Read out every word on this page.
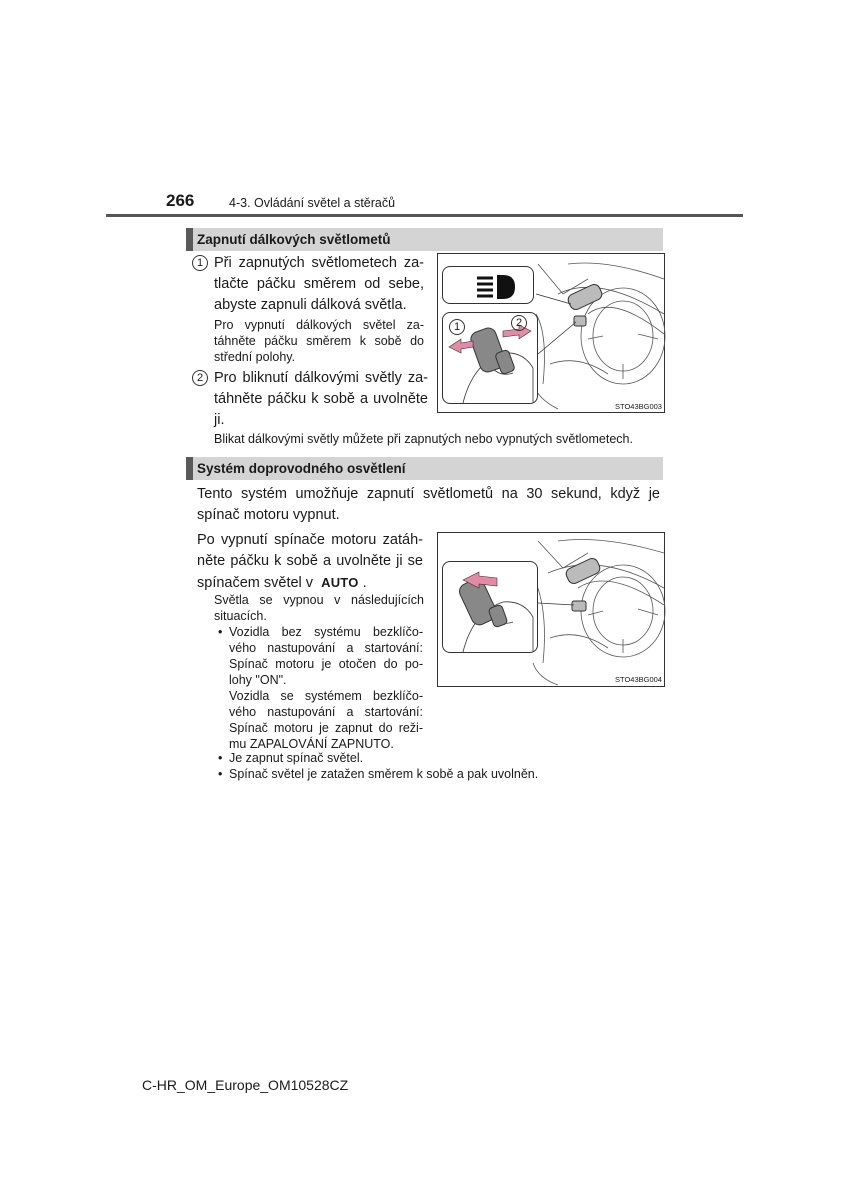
266	4-3. Ovládání světel a stěračů
Zapnutí dálkových světlometů
1 Při zapnutých světlometech za-
tlačte páčku směrem od sebe,
abyste zapnuli dálková světla.
Pro vypnutí dálkových světel za-
táhněte páčku směrem k sobě do
střední polohy.
2 Pro bliknutí dálkovými světly za-
táhněte páčku k sobě a uvolněte
ji.
Blikat dálkovými světly můžete při zapnutých nebo vypnutých světlometech.
1	2
STO43BG003
Systém doprovodného osvětlení
Tento systém umožňuje zapnutí světlometů na 30 sekund, když je
spínač motoru vypnut.
Po vypnutí spínače motoru zatáh-
něte páčku k sobě a uvolněte ji se
spínačem světel v AUTO .
Světla se vypnou v následujících
situacích.
• Vozidla bez systému bezklíčo-
vého nastupování a startování:
Spínač motoru je otočen do po-
lohy "ON".
Vozidla se systémem bezklíčo-
vého nastupování a startování:
Spínač motoru je zapnut do reži-
mu ZAPALOVÁNÍ ZAPNUTO.
• Je zapnut spínač světel.
• Spínač světel je zatažen směrem k sobě a pak uvolněn.
STO43BG004
C-HR_OM_Europe_OM10528CZ
